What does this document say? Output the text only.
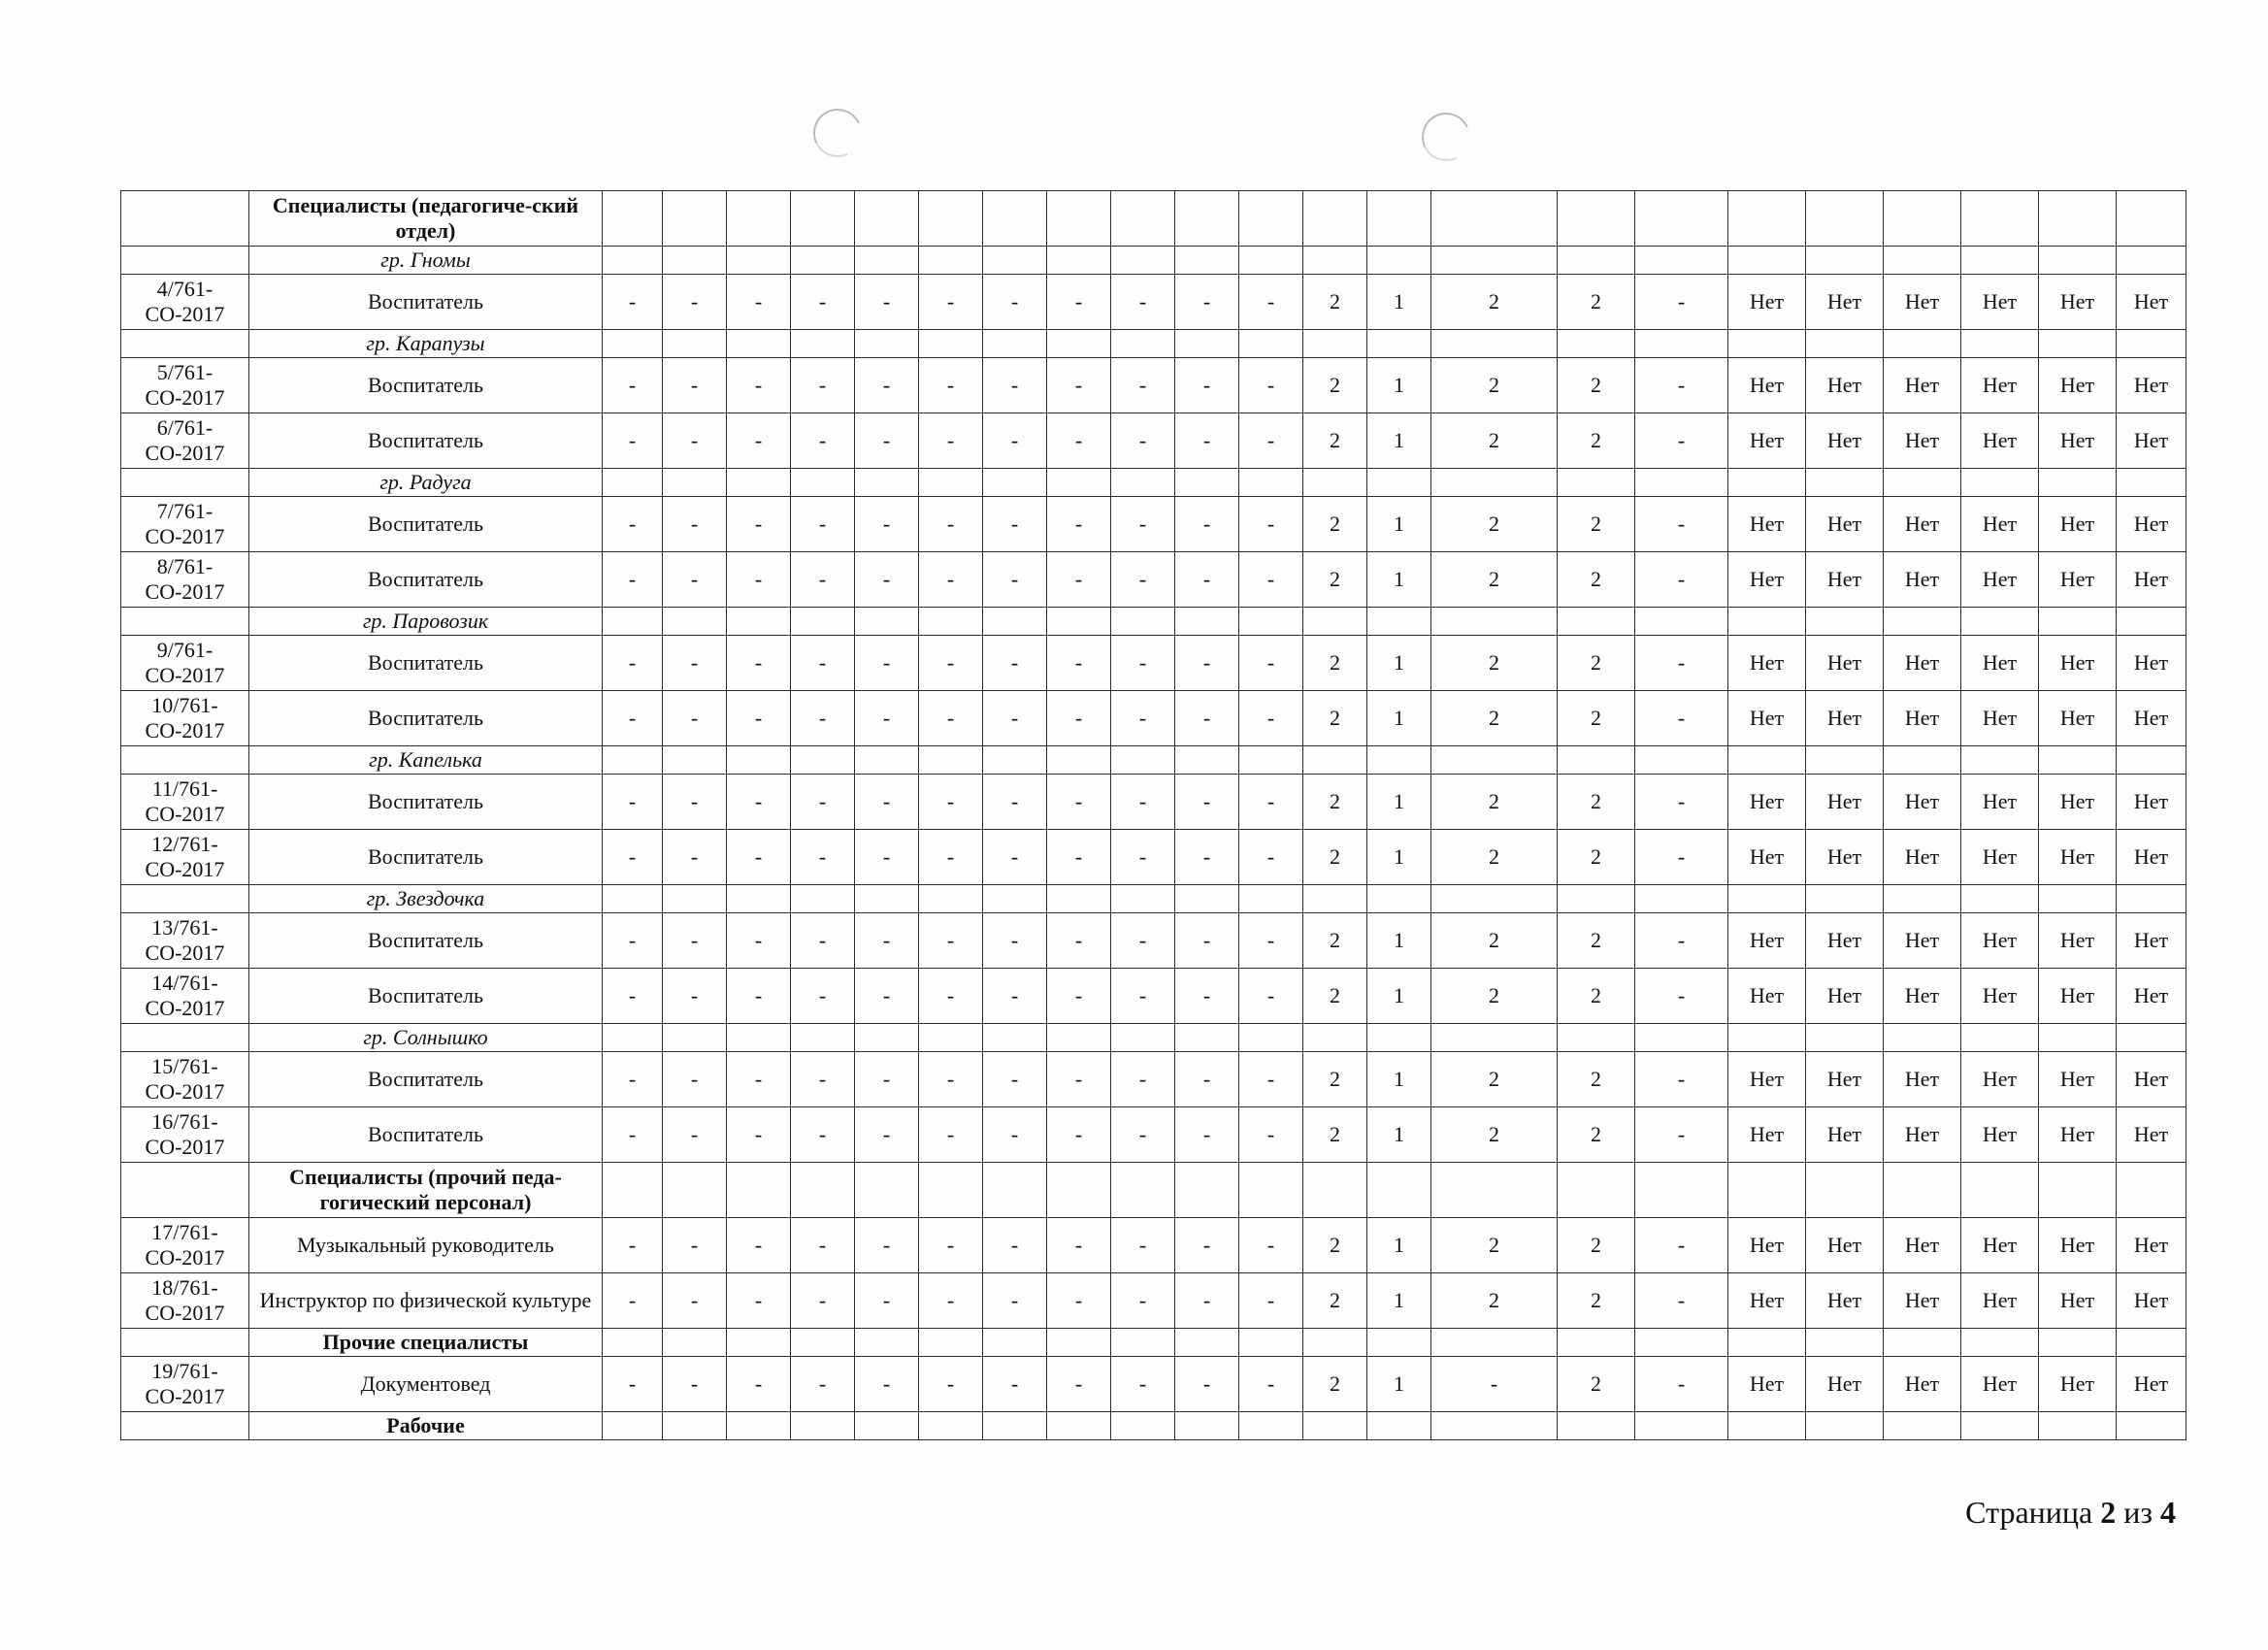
	Специалисты (педагогиче-ский отдел)																						
	гр. Гномы																						
4/761-СО-2017	Воспитатель	-	-	-	-	-	-	-	-	-	-	-	2	1	2	2	-	Нет	Нет	Нет	Нет	Нет	Нет
	гр. Карапузы																						
5/761-СО-2017	Воспитатель	-	-	-	-	-	-	-	-	-	-	-	2	1	2	2	-	Нет	Нет	Нет	Нет	Нет	Нет
6/761-СО-2017	Воспитатель	-	-	-	-	-	-	-	-	-	-	-	2	1	2	2	-	Нет	Нет	Нет	Нет	Нет	Нет
	гр. Радуга																						
7/761-СО-2017	Воспитатель	-	-	-	-	-	-	-	-	-	-	-	2	1	2	2	-	Нет	Нет	Нет	Нет	Нет	Нет
8/761-СО-2017	Воспитатель	-	-	-	-	-	-	-	-	-	-	-	2	1	2	2	-	Нет	Нет	Нет	Нет	Нет	Нет
	гр. Паровозик																						
9/761-СО-2017	Воспитатель	-	-	-	-	-	-	-	-	-	-	-	2	1	2	2	-	Нет	Нет	Нет	Нет	Нет	Нет
10/761-СО-2017	Воспитатель	-	-	-	-	-	-	-	-	-	-	-	2	1	2	2	-	Нет	Нет	Нет	Нет	Нет	Нет
	гр. Капелька																						
11/761-СО-2017	Воспитатель	-	-	-	-	-	-	-	-	-	-	-	2	1	2	2	-	Нет	Нет	Нет	Нет	Нет	Нет
12/761-СО-2017	Воспитатель	-	-	-	-	-	-	-	-	-	-	-	2	1	2	2	-	Нет	Нет	Нет	Нет	Нет	Нет
	гр. Звездочка																						
13/761-СО-2017	Воспитатель	-	-	-	-	-	-	-	-	-	-	-	2	1	2	2	-	Нет	Нет	Нет	Нет	Нет	Нет
14/761-СО-2017	Воспитатель	-	-	-	-	-	-	-	-	-	-	-	2	1	2	2	-	Нет	Нет	Нет	Нет	Нет	Нет
	гр. Солнышко																						
15/761-СО-2017	Воспитатель	-	-	-	-	-	-	-	-	-	-	-	2	1	2	2	-	Нет	Нет	Нет	Нет	Нет	Нет
16/761-СО-2017	Воспитатель	-	-	-	-	-	-	-	-	-	-	-	2	1	2	2	-	Нет	Нет	Нет	Нет	Нет	Нет
	Специалисты (прочий педа-гогический персонал)																						
17/761-СО-2017	Музыкальный руководитель	-	-	-	-	-	-	-	-	-	-	-	2	1	2	2	-	Нет	Нет	Нет	Нет	Нет	Нет
18/761-СО-2017	Инструктор по физической культуре	-	-	-	-	-	-	-	-	-	-	-	2	1	2	2	-	Нет	Нет	Нет	Нет	Нет	Нет
	Прочие специалисты																						
19/761-СО-2017	Документовед	-	-	-	-	-	-	-	-	-	-	-	2	1	-	2	-	Нет	Нет	Нет	Нет	Нет	Нет
	Рабочие																						
Страница 2 из 4
